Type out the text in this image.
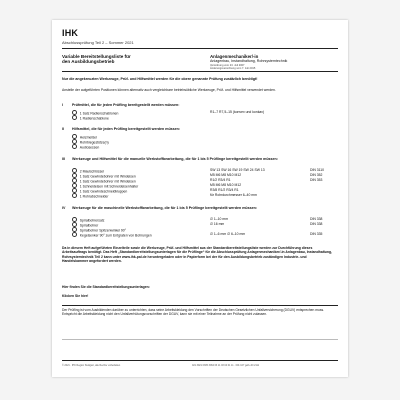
IHK
Abschlussprüfung Teil 2 – Sommer 2021
Variable Bereitstellungsliste für
den Ausbildungsbetrieb
Anlagenmechaniker/-in
Anlagenbau, Instandhaltung, Rohrsystemtechnik
Verordnung vom 23. Juli 2007
Änderungsverordnung vom 7. Juli 2015
Nur die angekreuzten Werkzeuge, Prüf- und Hilfsmittel werden für die obere genannte Prüfung zusätzlich benötigt!
Anstelle der aufgeführten Positionen können alternativ auch vergleichbare betriebsübliche Werkzeuge, Prüf- und Hilfsmittel verwendet werden.
I	Prüfmittel, die für jeden Prüfling bereitgestellt werden müssen:
1 Satz Radienschablonen	R1–7 R7,5–15 (konvex und konkav)
1 Radienschablone
II Hilfsmittel, die für jeden Prüfling bereitgestellt werden müssen:
Heizmeißel
Rohrbiegestütze(n)
Audiosessen
III Werkzeuge und Hilfsmittel für die manuelle Werkstoffbearbeitung, die für 1 bis 5 Prüflinge bereitgestellt werden müssen:
2 Maulschlüssel	SW 13 SW 16 SW 19 SW 24 SW 13	DIN 3110
1 Satz Gewindebohrer mit Windeisen	M5 M6 M8 M10 M12	DIN 352
1 Satz Gewindebohrer mit Windeisen	R1/2 R3/4 R1	DIN 353
1 Schneideisen mit Schneideisenhalter	M5 M6 M8 M10 M12
1 Satz Gewindeschneidkluppen	R3/8 R1/2 R3/4 R1
1 Rohrabschneider	für Rohrdurchmesser 6–40 mm
IV Werkzeuge für die maschinelle Werkstoffbearbeitung, die für 1 bis 5 Prüflinge bereitgestellt werden müssen:
Spiralbohrersatz	∅ 1–10 mm	DIN 338
Spiralbohrer	∅ 16 mm	DIN 338
Spiralbohrer Spitzenwinkel 90°
Kegelsenker 90° zum Entgraten von Bohrungen	∅ 1–6 mm ∅ 6–10 mm	DIN 335
Da in diesem Heft aufgeführten Einzelteile sowie die Werkzeuge, Prüf- und Hilfsmittel aus der Standardbereitstellungsliste werden zur Durchführung dieses Arbeitsauftrags benötigt. Das Heft „Standardbereitstellungsunterlagen für die Prüflinge“ für die Abschlussprüfung Anlagenmechaniker/-in Anlagenbau, Instandhaltung, Rohrsystemtechnik Teil 2 kann unter www.ihk-pal.de heruntergeladen oder in Papierform bei der für den Ausbildungsbetrieb zuständigen Industrie- und Handelskammer angefordert werden.
Hier finden Sie die Standardbereitstellungsunterlagen:
Klicken Sie hier!
Der Prüfling ist vom Ausbildenden darüber zu unterrichten, dass seine Arbeitskleidung den Vorschriften der Deutschen Gesetzlichen Unfallversicherung (DGUV) entsprechen muss. Entspricht die Arbeitskleidung nicht den Unfallverhütungsvorschriften der DGUV, kann sie mit einer Teilnahme an der Prüfung nicht zulassen.
© 2021 · IHK Region Stuttgart, alle Rechte vorbehalten	021 3921 0305 3064 03 11 03 04 01 11 · 001 107 gelb–00 2111
